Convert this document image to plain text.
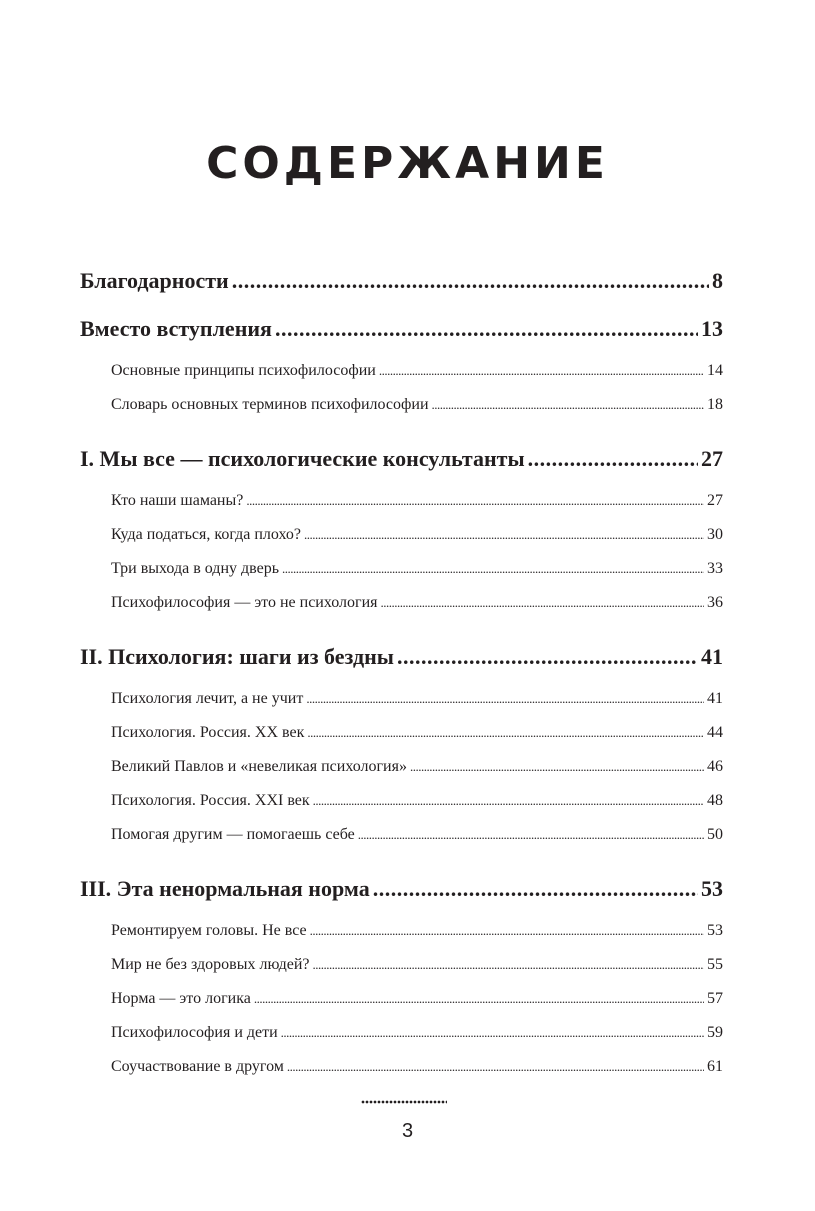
СОДЕРЖАНИЕ
Благодарности .....	8
Вместо вступления .....	13
Основные принципы психофилософии .....	14
Словарь основных терминов психофилософии .....	18
I. Мы все — психологические консультанты .....	27
Кто наши шаманы? .....	27
Куда податься, когда плохо? .....	30
Три выхода в одну дверь .....	33
Психофилософия — это не психология .....	36
II. Психология: шаги из бездны .....	41
Психология лечит, а не учит .....	41
Психология. Россия. XX век .....	44
Великий Павлов и «невеликая психология» .....	46
Психология. Россия. XXI век .....	48
Помогая другим — помогаешь себе .....	50
III. Эта ненормальная норма .....	53
Ремонтируем головы. Не все .....	53
Мир не без здоровых людей? .....	55
Норма — это логика .....	57
Психофилософия и дети .....	59
Соучаствование в другом .....	61
3
